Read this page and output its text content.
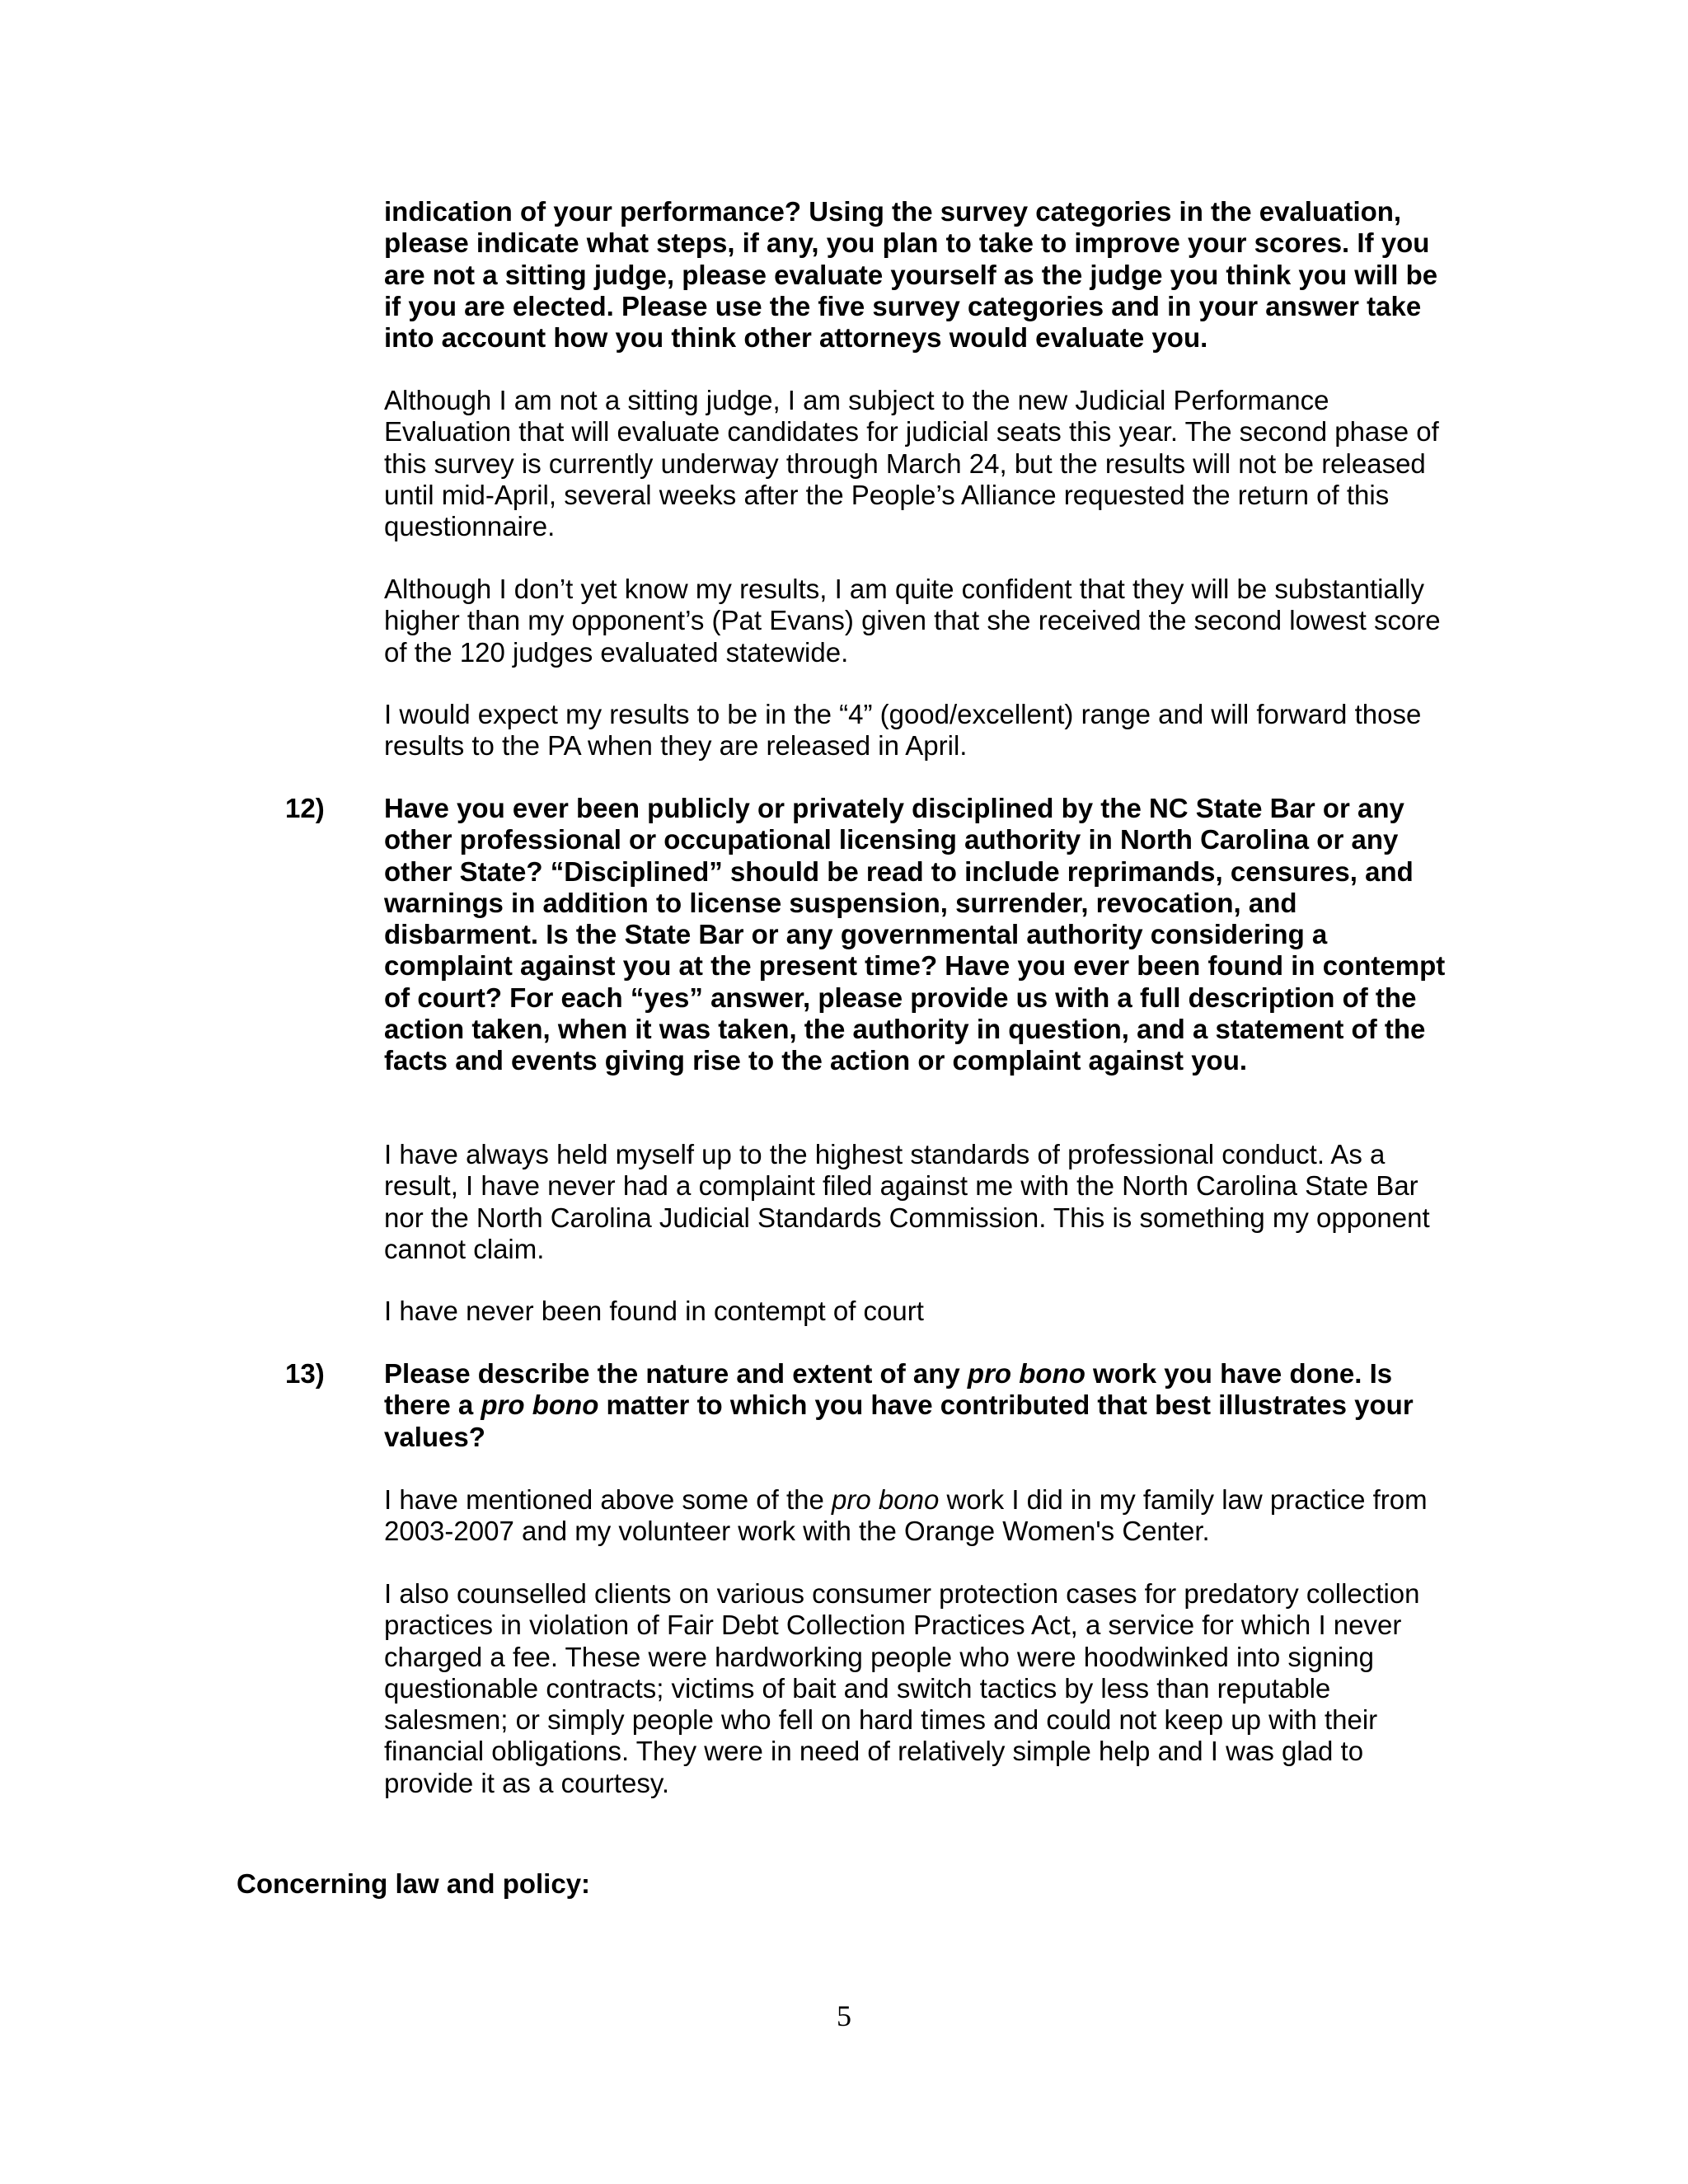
indication of your performance? Using the survey categories in the evaluation, please indicate what steps, if any, you plan to take to improve your scores. If you are not a sitting judge, please evaluate yourself as the judge you think you will be if you are elected. Please use the five survey categories and in your answer take into account how you think other attorneys would evaluate you.

Although I am not a sitting judge, I am subject to the new Judicial Performance Evaluation that will evaluate candidates for judicial seats this year. The second phase of this survey is currently underway through March 24, but the results will not be released until mid-April, several weeks after the People’s Alliance requested the return of this questionnaire.

Although I don’t yet know my results, I am quite confident that they will be substantially higher than my opponent’s (Pat Evans) given that she received the second lowest score of the 120 judges evaluated statewide.

I would expect my results to be in the “4” (good/excellent) range and will forward those results to the PA when they are released in April.

12) Have you ever been publicly or privately disciplined by the NC State Bar or any other professional or occupational licensing authority in North Carolina or any other State? “Disciplined” should be read to include reprimands, censures, and warnings in addition to license suspension, surrender, revocation, and disbarment. Is the State Bar or any governmental authority considering a complaint against you at the present time? Have you ever been found in contempt of court? For each “yes” answer, please provide us with a full description of the action taken, when it was taken, the authority in question, and a statement of the facts and events giving rise to the action or complaint against you.

I have always held myself up to the highest standards of professional conduct. As a result, I have never had a complaint filed against me with the North Carolina State Bar nor the North Carolina Judicial Standards Commission. This is something my opponent cannot claim.

I have never been found in contempt of court

13) Please describe the nature and extent of any pro bono work you have done. Is there a pro bono matter to which you have contributed that best illustrates your values?

I have mentioned above some of the pro bono work I did in my family law practice from 2003-2007 and my volunteer work with the Orange Women's Center.

I also counselled clients on various consumer protection cases for predatory collection practices in violation of Fair Debt Collection Practices Act, a service for which I never charged a fee. These were hardworking people who were hoodwinked into signing questionable contracts; victims of bait and switch tactics by less than reputable salesmen; or simply people who fell on hard times and could not keep up with their financial obligations. They were in need of relatively simple help and I was glad to provide it as a courtesy.

Concerning law and policy:

5
